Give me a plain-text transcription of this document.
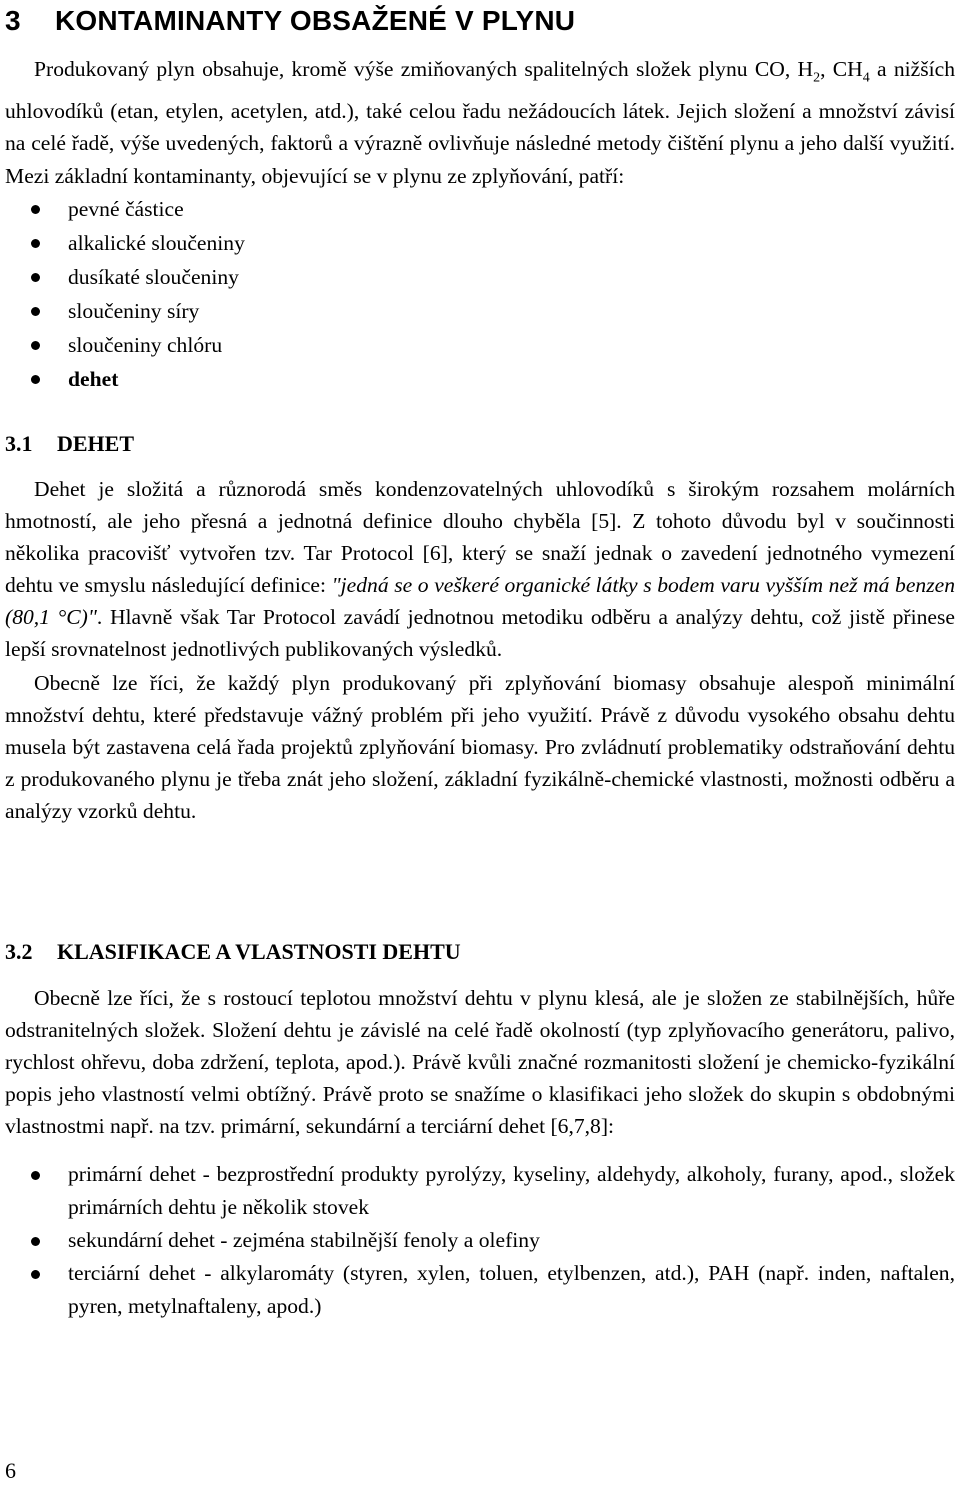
3 KONTAMINANTY OBSAŽENÉ V PLYNU

Produkovaný plyn obsahuje, kromě výše zmiňovaných spalitelných složek plynu CO, $H_2$, $CH_4$ a nižších uhlovodíků (etan, etylen, acetylen, atd.), také celou řadu nežádoucích látek. Jejich složení a množství závisí na celé řadě, výše uvedených, faktorů a výrazně ovlivňuje následné metody čištění plynu a jeho další využití. Mezi základní kontaminanty, objevující se v plynu ze zplyňování, patří:

pevné částice
alkalické sloučeniny
dusíkaté sloučeniny
sloučeniny síry
sloučeniny chlóru
dehet
3.1 DEHET

Dehet je složitá a různorodá směs kondenzovatelných uhlovodíků s širokým rozsahem molárních hmotností, ale jeho přesná a jednotná definice dlouho chyběla [5]. Z tohoto důvodu byl v součinnosti několika pracovišť vytvořen tzv. Tar Protocol [6], který se snaží jednak o zavedení jednotného vymezení dehtu ve smyslu následující definice: "jedná se o veškeré organické látky s bodem varu vyšším než má benzen (80,1 °C)". Hlavně však Tar Protocol zavádí jednotnou metodiku odběru a analýzy dehtu, což jistě přinese lepší srovnatelnost jednotlivých publikovaných výsledků.

Obecně lze říci, že každý plyn produkovaný při zplyňování biomasy obsahuje alespoň minimální množství dehtu, které představuje vážný problém při jeho využití. Právě z důvodu vysokého obsahu dehtu musela být zastavena celá řada projektů zplyňování biomasy. Pro zvládnutí problematiky odstraňování dehtu z produkovaného plynu je třeba znát jeho složení, základní fyzikálně-chemické vlastnosti, možnosti odběru a analýzy vzorků dehtu.

3.2 KLASIFIKACE A VLASTNOSTI DEHTU

Obecně lze říci, že s rostoucí teplotou množství dehtu v plynu klesá, ale je složen ze stabilnějších, hůře odstranitelných složek. Složení dehtu je závislé na celé řadě okolností (typ zplyňovacího generátoru, palivo, rychlost ohřevu, doba zdržení, teplota, apod.). Právě kvůli značné rozmanitosti složení je chemicko-fyzikální popis jeho vlastností velmi obtížný. Právě proto se snažíme o klasifikaci jeho složek do skupin s obdobnými vlastnostmi např. na tzv. primární, sekundární a terciární dehet [6,7,8]:

primární dehet - bezprostřední produkty pyrolýzy, kyseliny, aldehydy, alkoholy, furany, apod., složek primárních dehtu je několik stovek
sekundární dehet - zejména stabilnější fenoly a olefiny
terciární dehet - alkylaromáty (styren, xylen, toluen, etylbenzen, atd.), PAH (např. inden, naftalen, pyren, metylnaftaleny, apod.)
6
